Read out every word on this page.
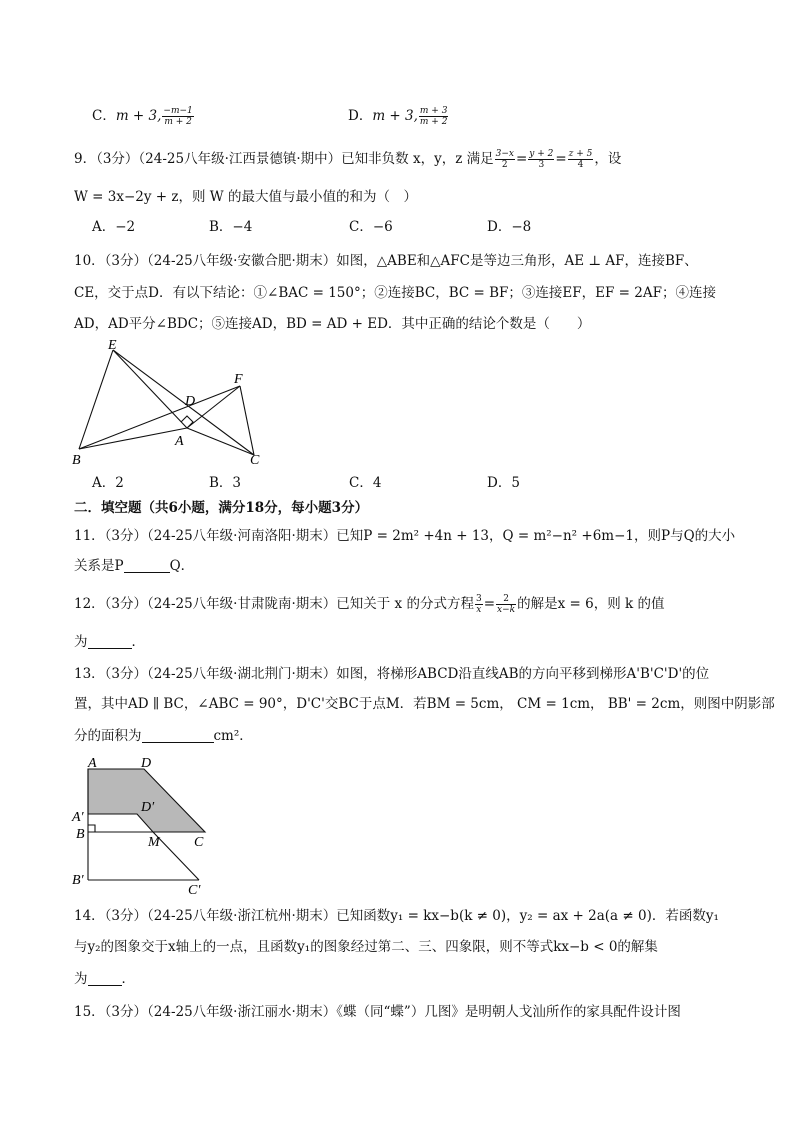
C．m + 3, $\frac{-m-1}{m + 2}$	D．m + 3, $\frac{m + 3}{m + 2}$
9．（3分）（24-25八年级·江西景德镇·期中）已知非负数 x，y，z 满足 $\frac{3-x}{2} = \frac{y + 2}{3} = \frac{z + 5}{4}$ ，设
W = 3x−2y + z，则 W 的最大值与最小值的和为（　）
A．−2	B．−4	C．−6	D．−8
10．（3分）（24-25八年级·安徽合肥·期末）如图，△ABE和△AFC是等边三角形，AE ⊥ AF，连接BF、
CE，交于点D．有以下结论：①∠BAC = 150°；②连接BC，BC = BF；③连接EF，EF = 2AF；④连接
AD，AD平分∠BDC；⑤连接AD，BD = AD + ED．其中正确的结论个数是（　　）
E
F
D
A
B	C
A．2	B．3	C．4	D．5
二．填空题（共6小题，满分18分，每小题3分）
11．（3分）（24-25八年级·河南洛阳·期末）已知P = 2m² +4n + 13，Q = m²−n² +6m−1，则P与Q的大小
关系是P	Q．
12．（3分）（24-25八年级·甘肃陇南·期末）已知关于 x 的分式方程 $\frac{3}{x} = \frac{2}{x-k}$ 的解是x = 6，则 k 的值
为	．
13．（3分）（24-25八年级·湖北荆门·期末）如图，将梯形ABCD沿直线AB的方向平移到梯形A'B'C'D'的位
置，其中AD ∥ BC，∠ABC = 90°，D'C'交BC于点M．若BM = 5cm， CM = 1cm， BB' = 2cm，则图中阴影部
分的面积为	cm²．
A	D
D′
A′
B
M C
B′
C′
14．（3分）（24-25八年级·浙江杭州·期末）已知函数y₁ = kx−b(k ≠ 0)，y₂ = ax + 2a(a ≠ 0)．若函数y₁
与y₂的图象交于x轴上的一点，且函数y₁的图象经过第二、三、四象限，则不等式kx−b < 0的解集
为	．
15．（3分）（24-25八年级·浙江丽水·期末）《蝶（同“蝶”）几图》是明朝人戈汕所作的家具配件设计图
